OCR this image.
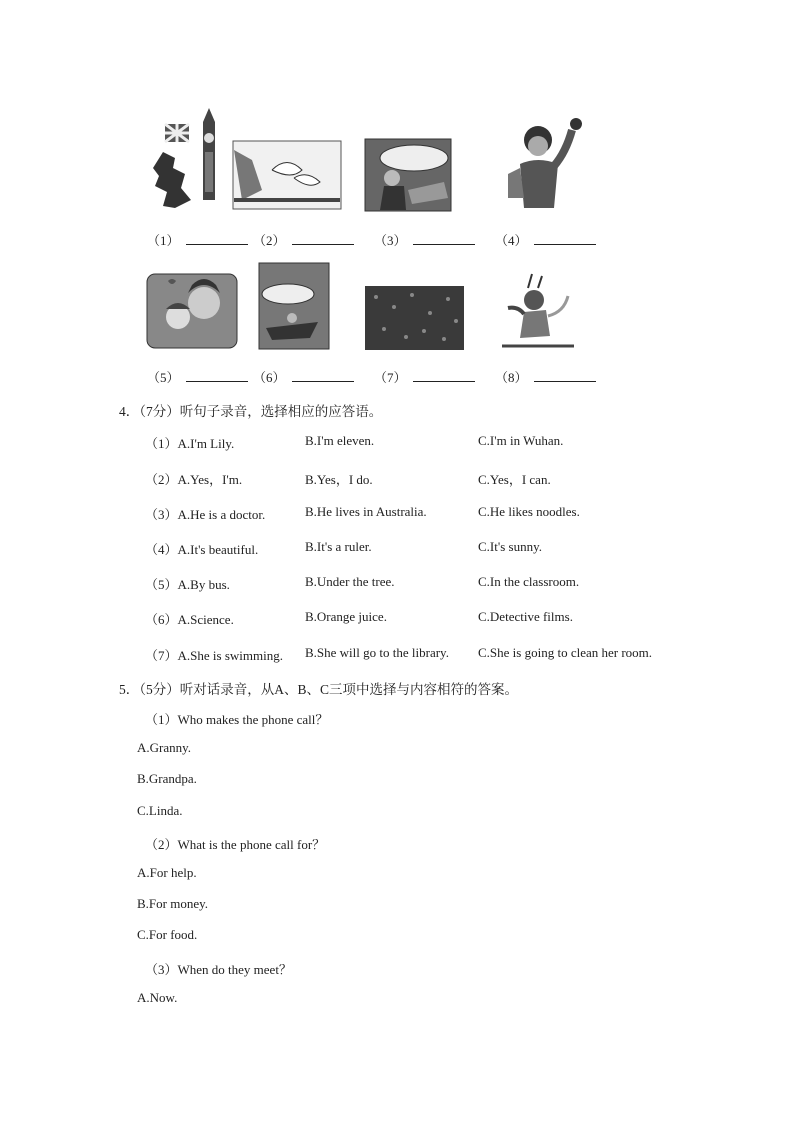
（1）	（2）	（3）	（4）
（5）	（6）	（7）	（8）
4．（7分）听句子录音，选择相应的应答语。
（1）A.I'm Lily.	B.I'm eleven.	C.I'm in Wuhan.
（2）A.Yes，I'm.	B.Yes，I do.	C.Yes，I can.
（3）A.He is a doctor.	B.He lives in Australia.	C.He likes noodles.
（4）A.It's beautiful.	B.It's a ruler.	C.It's sunny.
（5）A.By bus.	B.Under the tree.	C.In the classroom.
（6）A.Science.	B.Orange juice.	C.Detective films.
（7）A.She is swimming. B.She will go to the library. C.She is going to clean her room.
5．（5分）听对话录音，从A、B、C三项中选择与内容相符的答案。
（1）Who makes the phone call？
A.Granny.
B.Grandpa.
C.Linda.
（2）What is the phone call for？
A.For help.
B.For money.
C.For food.
（3）When do they meet？
A.Now.
